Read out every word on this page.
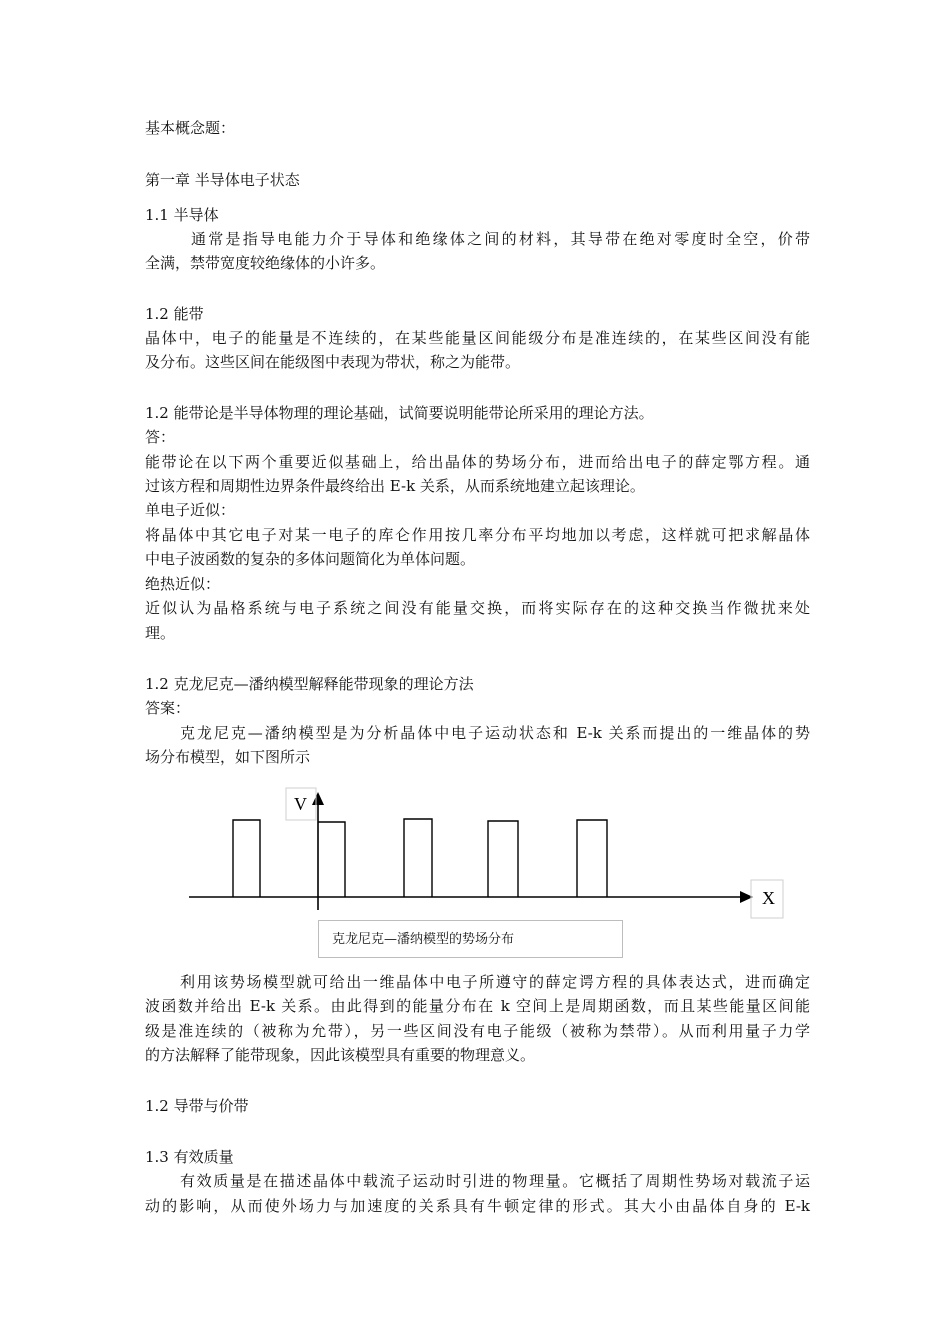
基本概念题：
第一章 半导体电子状态
1.1 半导体
通常是指导电能力介于导体和绝缘体之间的材料，其导带在绝对零度时全空，价带
全满，禁带宽度较绝缘体的小许多。
1.2 能带
晶体中，电子的能量是不连续的，在某些能量区间能级分布是准连续的，在某些区间没有能
及分布。这些区间在能级图中表现为带状，称之为能带。
1.2 能带论是半导体物理的理论基础，试简要说明能带论所采用的理论方法。
答：
能带论在以下两个重要近似基础上，给出晶体的势场分布，进而给出电子的薛定鄂方程。通
过该方程和周期性边界条件最终给出 E-k 关系，从而系统地建立起该理论。
单电子近似：
将晶体中其它电子对某一电子的库仑作用按几率分布平均地加以考虑，这样就可把求解晶体
中电子波函数的复杂的多体问题简化为单体问题。
绝热近似：
近似认为晶格系统与电子系统之间没有能量交换，而将实际存在的这种交换当作微扰来处
理。
1.2 克龙尼克—潘纳模型解释能带现象的理论方法
答案：
克龙尼克—潘纳模型是为分析晶体中电子运动状态和 E-k 关系而提出的一维晶体的势
场分布模型，如下图所示
利用该势场模型就可给出一维晶体中电子所遵守的薛定谔方程的具体表达式，进而确定
波函数并给出 E-k 关系。由此得到的能量分布在 k 空间上是周期函数，而且某些能量区间能
级是准连续的（被称为允带），另一些区间没有电子能级（被称为禁带）。从而利用量子力学
的方法解释了能带现象，因此该模型具有重要的物理意义。
1.2 导带与价带
1.3 有效质量
有效质量是在描述晶体中载流子运动时引进的物理量。它概括了周期性势场对载流子运
动的影响，从而使外场力与加速度的关系具有牛顿定律的形式。其大小由晶体自身的 E-k
V
X
克龙尼克—潘纳模型的势场分布
